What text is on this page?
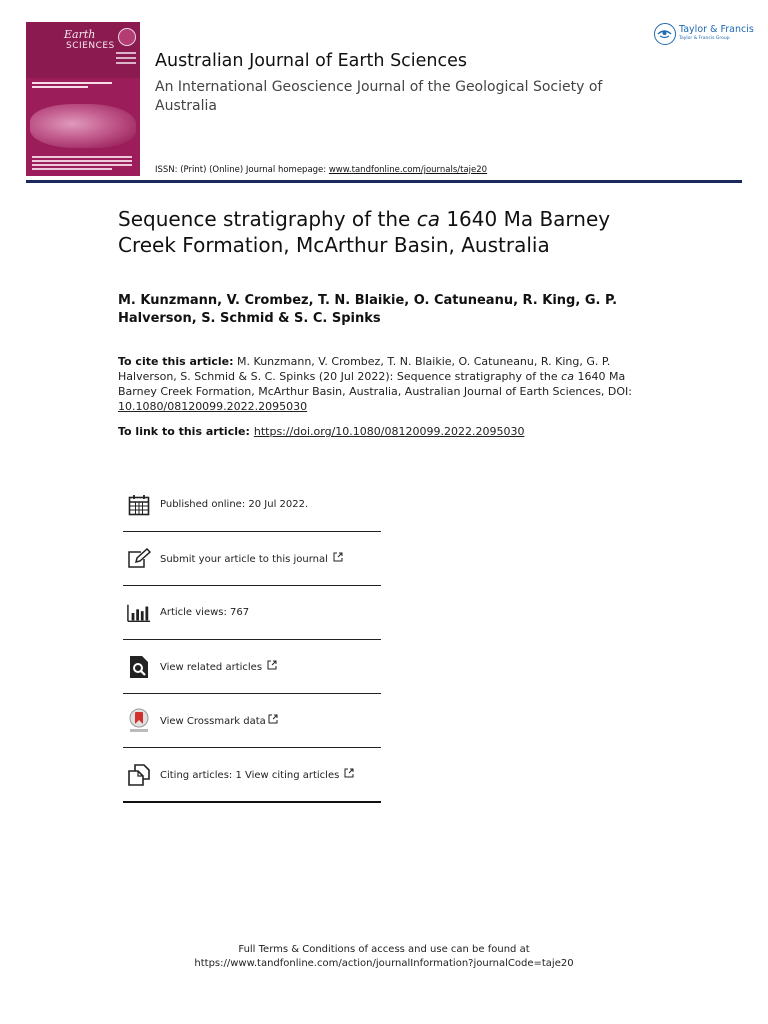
Earth
SCIENCES
Australian Journal of Earth Sciences
An International Geoscience Journal of the Geological Society of Australia
ISSN: (Print) (Online) Journal homepage: www.tandfonline.com/journals/taje20
Taylor & Francis
Taylor & Francis Group
Sequence stratigraphy of the ca 1640 Ma Barney Creek Formation, McArthur Basin, Australia
M. Kunzmann, V. Crombez, T. N. Blaikie, O. Catuneanu, R. King, G. P. Halverson, S. Schmid & S. C. Spinks
To cite this article: M. Kunzmann, V. Crombez, T. N. Blaikie, O. Catuneanu, R. King, G. P. Halverson, S. Schmid & S. C. Spinks (20 Jul 2022): Sequence stratigraphy of the ca 1640 Ma Barney Creek Formation, McArthur Basin, Australia, Australian Journal of Earth Sciences, DOI: 10.1080/08120099.2022.2095030
To link to this article: https://doi.org/10.1080/08120099.2022.2095030
Published online: 20 Jul 2022.
Submit your article to this journal
Article views: 767
View related articles
View Crossmark data
Citing articles: 1 View citing articles
Full Terms & Conditions of access and use can be found at
https://www.tandfonline.com/action/journalInformation?journalCode=taje20
